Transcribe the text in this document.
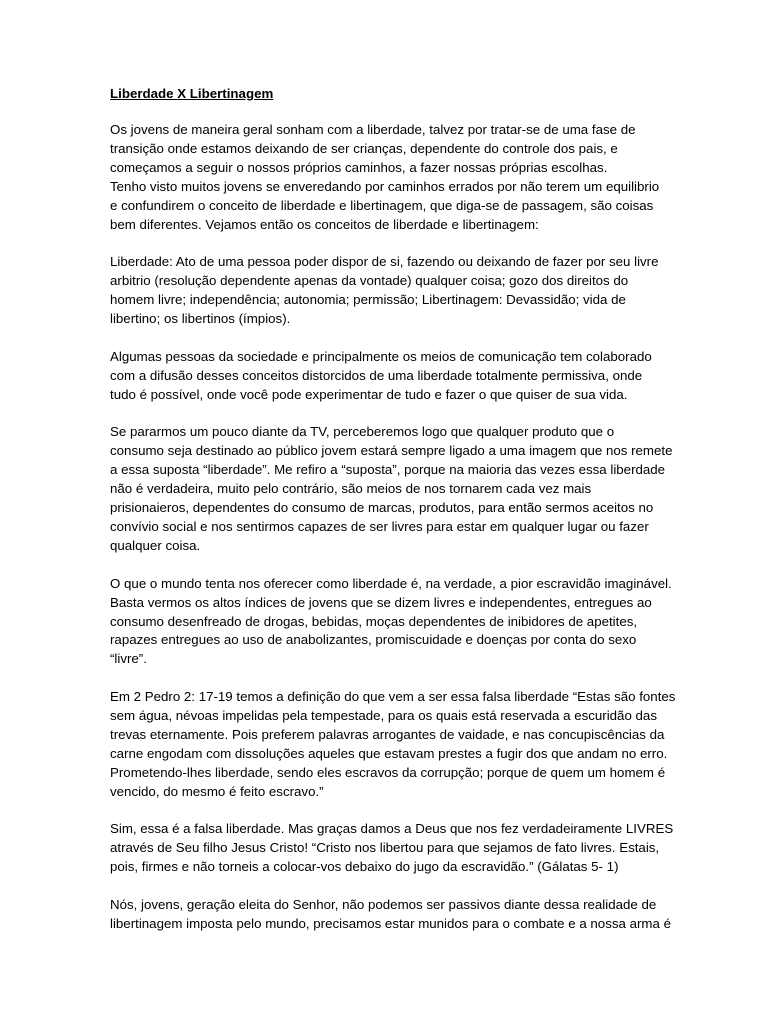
Liberdade X Libertinagem
Os jovens de maneira geral sonham com a liberdade, talvez por tratar-se de uma fase de
transição onde estamos deixando de ser crianças, dependente do controle dos pais, e
começamos a seguir o nossos próprios caminhos, a fazer nossas próprias escolhas.
Tenho visto muitos jovens se enveredando por caminhos errados por não terem um equilibrio
e confundirem o conceito de liberdade e libertinagem, que diga-se de passagem, são coisas
bem diferentes. Vejamos então os conceitos de liberdade e libertinagem:
Liberdade: Ato de uma pessoa poder dispor de si, fazendo ou deixando de fazer por seu livre
arbitrio (resolução dependente apenas da vontade) qualquer coisa; gozo dos direitos do
homem livre; independência; autonomia; permissão; Libertinagem: Devassidão; vida de
libertino; os libertinos (ímpios).
Algumas pessoas da sociedade e principalmente os meios de comunicação tem colaborado
com a difusão desses conceitos distorcidos de uma liberdade totalmente permissiva, onde
tudo é possível, onde você pode experimentar de tudo e fazer o que quiser de sua vida.
Se pararmos um pouco diante da TV, perceberemos logo que qualquer produto que o
consumo seja destinado ao público jovem estará sempre ligado a uma imagem que nos remete
a essa suposta “liberdade”. Me refiro a “suposta”, porque na maioria das vezes essa liberdade
não é verdadeira, muito pelo contrário, são meios de nos tornarem cada vez mais
prisionaieros, dependentes do consumo de marcas, produtos, para então sermos aceitos no
convívio social e nos sentirmos capazes de ser livres para estar em qualquer lugar ou fazer
qualquer coisa.
O que o mundo tenta nos oferecer como liberdade é, na verdade, a pior escravidão imaginável.
Basta vermos os altos índices de jovens que se dizem livres e independentes, entregues ao
consumo desenfreado de drogas, bebidas, moças dependentes de inibidores de apetites,
rapazes entregues ao uso de anabolizantes, promiscuidade e doenças por conta do sexo
“livre”.
Em 2 Pedro 2: 17-19 temos a definição do que vem a ser essa falsa liberdade “Estas são fontes
sem água, névoas impelidas pela tempestade, para os quais está reservada a escuridão das
trevas eternamente. Pois preferem palavras arrogantes de vaidade, e nas concupiscências da
carne engodam com dissoluções aqueles que estavam prestes a fugir dos que andam no erro.
Prometendo-lhes liberdade, sendo eles escravos da corrupção; porque de quem um homem é
vencido, do mesmo é feito escravo.”
Sim, essa é a falsa liberdade. Mas graças damos a Deus que nos fez verdadeiramente LIVRES
através de Seu filho Jesus Cristo! “Cristo nos libertou para que sejamos de fato livres. Estais,
pois, firmes e não torneis a colocar-vos debaixo do jugo da escravidão.” (Gálatas 5- 1)
Nós, jovens, geração eleita do Senhor, não podemos ser passivos diante dessa realidade de
libertinagem imposta pelo mundo, precisamos estar munidos para o combate e a nossa arma é
